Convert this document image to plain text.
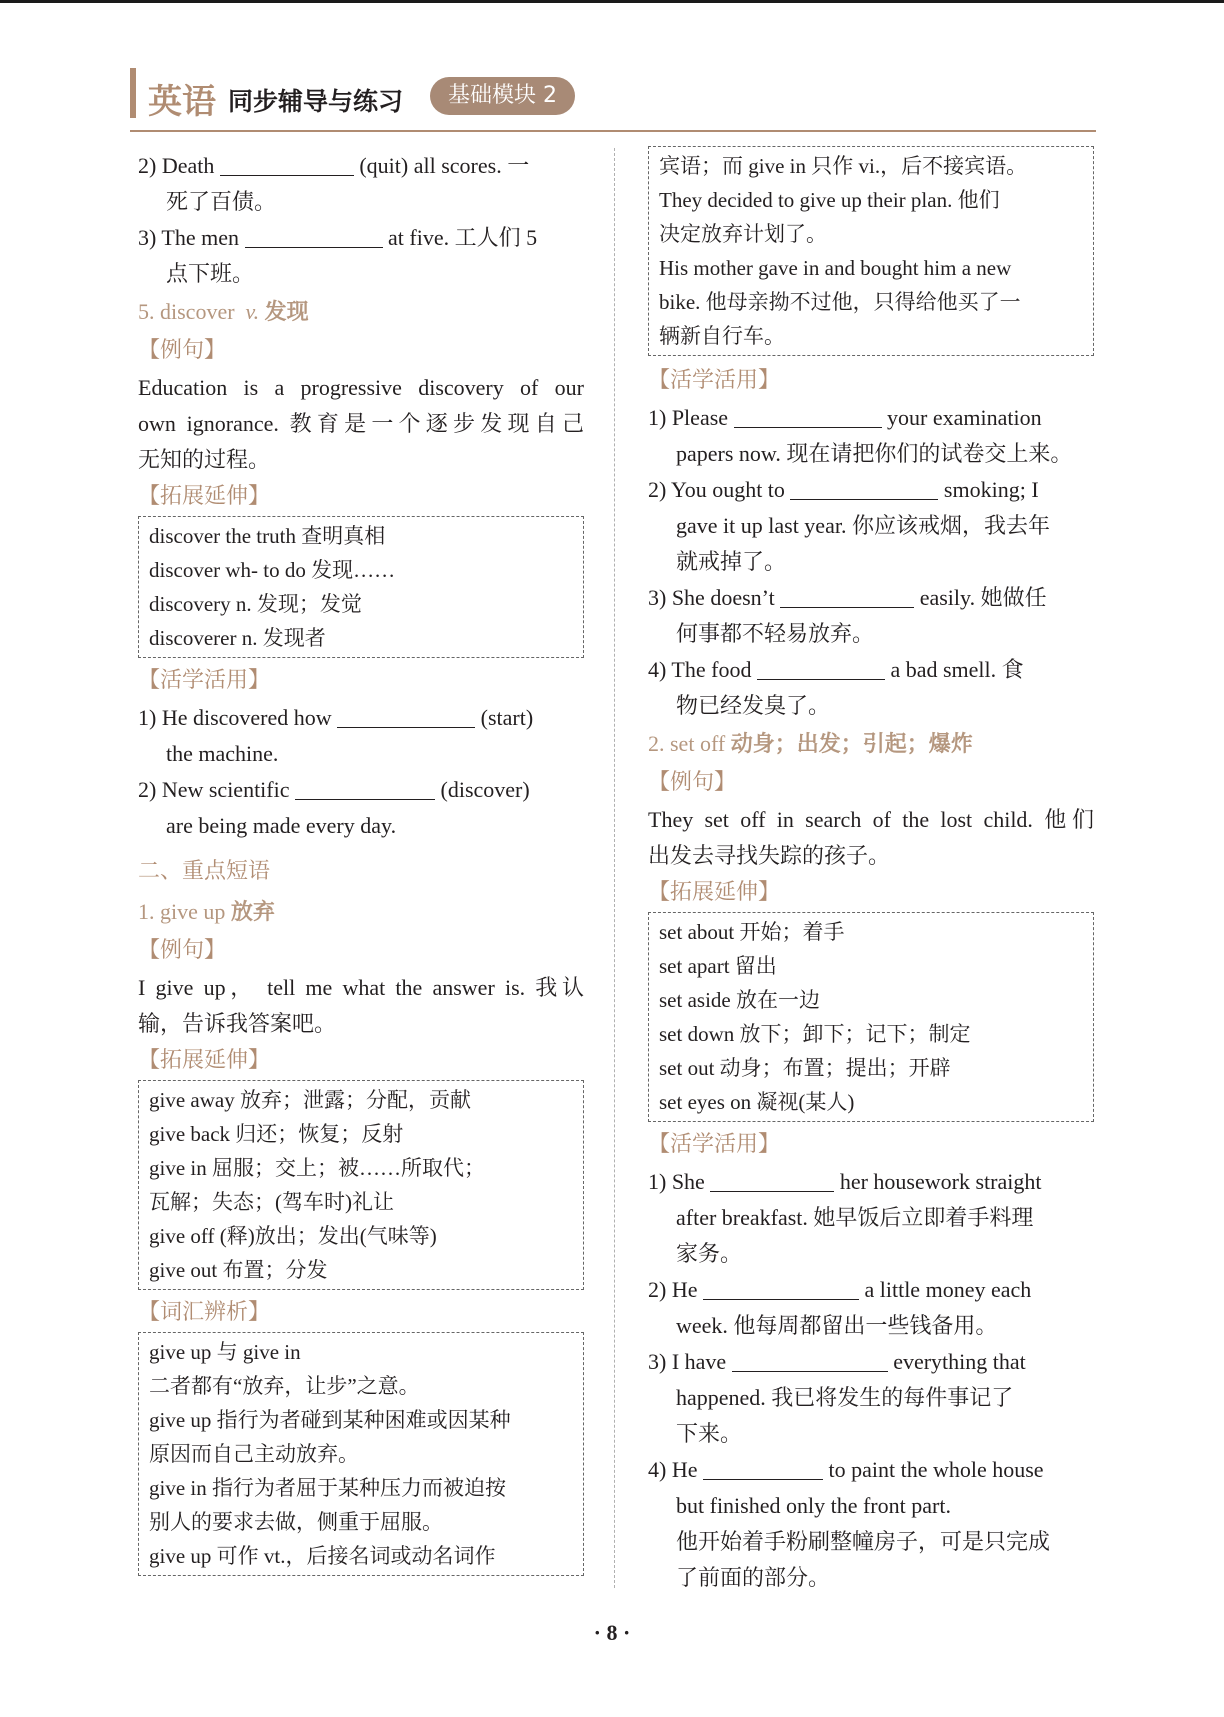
英语 同步辅导与练习	基础模块 2

2) Death	(quit) all scores. 一

死了百债。

3) The men	at five. 工人们 5

点下班。

5. discover v. 发现
【例句】

Education is a progressive discovery of our

own ignorance. 教育是一个逐步发现自己

无知的过程。

【拓展延伸】

discover the truth 查明真相

discover wh- to do 发现……

discovery n. 发现；发觉

discoverer n. 发现者

【活学活用】

1) He discovered how	(start)

the machine.

2) New scientific	(discover)

are being made every day.

二、重点短语
1. give up 放弃
【例句】

I give up， tell me what the answer is. 我认

输，告诉我答案吧。

【拓展延伸】

give away 放弃；泄露；分配，贡献

give back 归还；恢复；反射

give in 屈服；交上；被……所取代；

瓦解；失态；(驾车时)礼让

give off (释)放出；发出(气味等)

give out 布置；分发

【词汇辨析】

give up 与 give in

二者都有“放弃，让步”之意。

give up 指行为者碰到某种困难或因某种

原因而自己主动放弃。

give in 指行为者屈于某种压力而被迫按

别人的要求去做，侧重于屈服。

give up 可作 vt.，后接名词或动名词作

宾语；而 give in 只作 vi.，后不接宾语。

They decided to give up their plan. 他们

决定放弃计划了。

His mother gave in and bought him a new

bike. 他母亲拗不过他，只得给他买了一

辆新自行车。

【活学活用】

1) Please	your examination

papers now. 现在请把你们的试卷交上来。

2) You ought to	smoking; I

gave it up last year. 你应该戒烟，我去年

就戒掉了。

3) She doesn’t	easily. 她做任

何事都不轻易放弃。

4) The food	a bad smell. 食

物已经发臭了。

2. set off 动身；出发；引起；爆炸
【例句】

They set off in search of the lost child. 他们

出发去寻找失踪的孩子。

【拓展延伸】

set about 开始；着手

set apart 留出

set aside 放在一边

set down 放下；卸下；记下；制定

set out 动身；布置；提出；开辟

set eyes on 凝视(某人)

【活学活用】

1) She	her housework straight

after breakfast. 她早饭后立即着手料理

家务。

2) He	a little money each

week. 他每周都留出一些钱备用。

3) I have	everything that

happened. 我已将发生的每件事记了

下来。

4) He	to paint the whole house

but finished only the front part.

他开始着手粉刷整幢房子，可是只完成

了前面的部分。

· 8 ·
